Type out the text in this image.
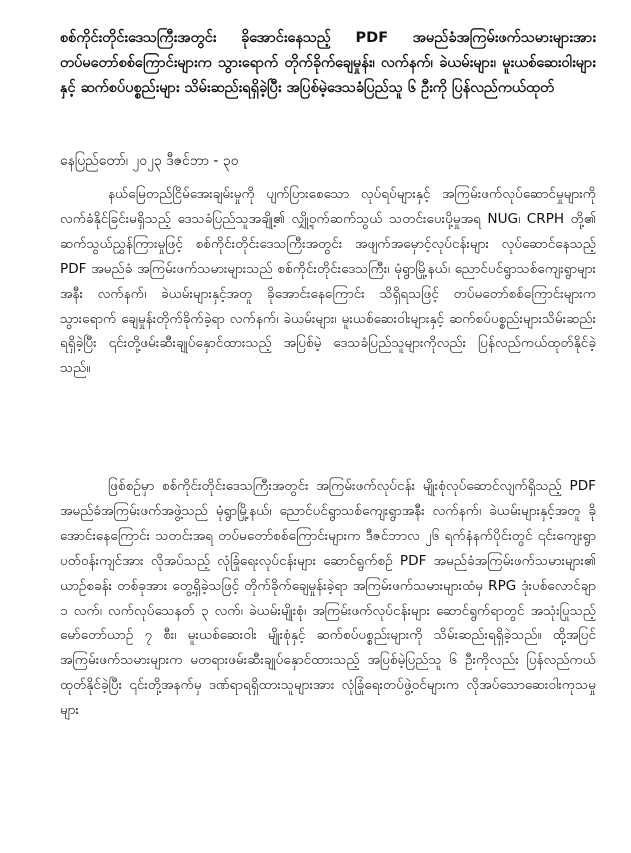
စစ်ကိုင်းတိုင်းဒေသကြီးအတွင်း ခိုအောင်းနေသည့် PDF အမည်ခံအကြမ်းဖက်သမားများအား တပ်မတော်စစ်ကြောင်းများက သွားရောက် တိုက်ခိုက်ချေမှုန်း၊ လက်နက်၊ ခဲယမ်းများ၊ မူးယစ်ဆေးဝါးများနှင့် ဆက်စပ်ပစ္စည်းများ သိမ်းဆည်းရရှိခဲ့ပြီး အပြစ်မဲ့ဒေသခံပြည်သူ ၆ ဦးကို ပြန်လည်ကယ်ထုတ်
နေပြည်တော်၊ ၂၀၂၃ ဒီဇင်ဘာ - ၃၀
နယ်မြေတည်ငြိမ်အေးချမ်းမှုကို ပျက်ပြားစေသော လုပ်ရပ်များနှင့် အကြမ်းဖက်လုပ်ဆောင်မှုများကို လက်ခံနိုင်ခြင်းမရှိသည့် ဒေသခံပြည်သူအချို့၏ လျှို့ဝှက်ဆက်သွယ် သတင်းပေးပို့မှုအရ NUG၊ CRPH တို့၏ ဆက်သွယ်ညွှန်ကြားမှုဖြင့် စစ်ကိုင်းတိုင်းဒေသကြီးအတွင်း အဖျက်အမှောင့်လုပ်ငန်းများ လုပ်ဆောင်နေသည့် PDF အမည်ခံ အကြမ်းဖက်သမားများသည် စစ်ကိုင်းတိုင်းဒေသကြီး၊ မုံရွာမြို့နယ်၊ ညောင်ပင်ရွာသစ်ကျေးရွာများအနီး လက်နက်၊ ခဲယမ်းများနှင့်အတူ ခိုအောင်းနေကြောင်း သိရှိရသဖြင့် တပ်မတော်စစ်ကြောင်းများက သွားရောက် ချေမှုန်းတိုက်ခိုက်ခဲ့ရာ လက်နက်၊ ခဲယမ်းများ၊ မူးယစ်ဆေးဝါးများနှင့် ဆက်စပ်ပစ္စည်းများသိမ်းဆည်းရရှိခဲ့ပြီး ၎င်းတို့ဖမ်းဆီးချုပ်နှောင်ထားသည့် အပြစ်မဲ့ ဒေသခံပြည်သူများကိုလည်း ပြန်လည်ကယ်ထုတ်နိုင်ခဲ့သည်။
ဖြစ်စဉ်မှာ စစ်ကိုင်းတိုင်းဒေသကြီးအတွင်း အကြမ်းဖက်လုပ်ငန်း မျိုးစုံလုပ်ဆောင်လျက်ရှိသည့် PDF အမည်ခံအကြမ်းဖက်အဖွဲ့သည် မုံရွာမြို့နယ်၊ ညောင်ပင်ရွာသစ်ကျေးရွာအနီး လက်နက်၊ ခဲယမ်းများနှင့်အတူ ခိုအောင်းနေကြောင်း သတင်းအရ တပ်မတော်စစ်ကြောင်းများက ဒီဇင်ဘာလ ၂၆ ရက်နံနက်ပိုင်းတွင် ၎င်းကျေးရွာပတ်ဝန်းကျင်အား လိုအပ်သည့် လုံခြုံရေးလုပ်ငန်းများ ဆောင်ရွက်စဉ် PDF အမည်ခံအကြမ်းဖက်သမားများ၏ ယာဉ်စခန်း တစ်ခုအား တွေ့ရှိခဲ့သဖြင့် တိုက်ခိုက်ချေမှုန်းခဲ့ရာ အကြမ်းဖက်သမားများထံမှ RPG ဒုံးပစ်လောင်ချာ ၁ လက်၊ လက်လုပ်သေနတ် ၃ လက်၊ ခဲယမ်းမျိုးစုံ၊ အကြမ်းဖက်လုပ်ငန်းများ ဆောင်ရွက်ရာတွင် အသုံးပြုသည့် မော်တော်ယာဉ် ၇ စီး၊ မူးယစ်ဆေးဝါး မျိုးစုံနှင့် ဆက်စပ်ပစ္စည်းများကို သိမ်းဆည်းရရှိခဲ့သည်။ ထို့အပြင် အကြမ်းဖက်သမားများက မတရားဖမ်းဆီးချုပ်နှောင်ထားသည့် အပြစ်မဲ့ပြည်သူ ၆ ဦးကိုလည်း ပြန်လည်ကယ်ထုတ်နိုင်ခဲ့ပြီး ၎င်းတို့အနက်မှ ဒဏ်ရာရရှိထားသူများအား လုံခြုံရေးတပ်ဖွဲ့ဝင်များက လိုအပ်သောဆေးဝါးကုသမှုများ
